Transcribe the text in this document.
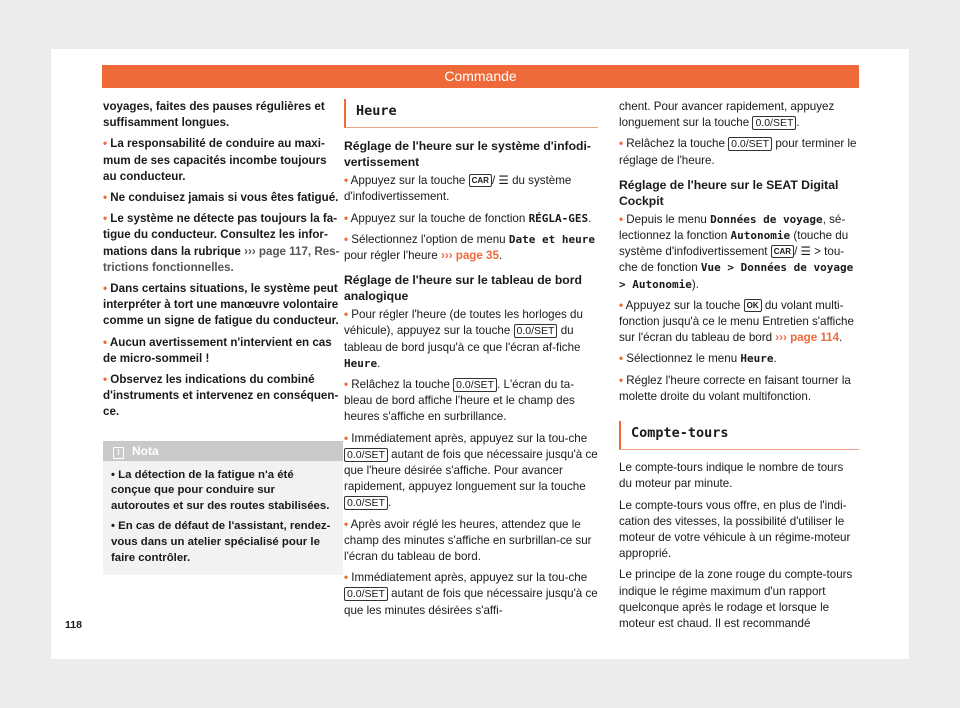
Commande

voyages, faites des pauses régulières et suffisamment longues.

• La responsabilité de conduire au maxi-mum de ses capacités incombe toujours au conducteur.

• Ne conduisez jamais si vous êtes fatigué.

• Le système ne détecte pas toujours la fa-tigue du conducteur. Consultez les infor-mations dans la rubrique ››› page 117, Res-trictions fonctionnelles.

• Dans certains situations, le système peut interpréter à tort une manœuvre volontaire comme un signe de fatigue du conducteur.

• Aucun avertissement n'intervient en cas de micro-sommeil !

• Observez les indications du combiné d'instruments et intervenez en conséquen-ce.

i Nota

• La détection de la fatigue n'a été conçue que pour conduire sur autoroutes et sur des routes stabilisées.

• En cas de défaut de l'assistant, rendez-vous dans un atelier spécialisé pour le faire contrôler.

Heure
Réglage de l'heure sur le système d'infodi-vertissement

• Appuyez sur la touche CAR / ☰ du système d'infodivertissement.

• Appuyez sur la touche de fonction RÉGLA-GES.

• Sélectionnez l'option de menu Date et heure pour régler l'heure ››› page 35.

Réglage de l'heure sur le tableau de bord analogique

• Pour régler l'heure (de toutes les horloges du véhicule), appuyez sur la touche 0.0/SET du tableau de bord jusqu'à ce que l'écran af-fiche Heure.

• Relâchez la touche 0.0/SET . L'écran du ta-bleau de bord affiche l'heure et le champ des heures s'affiche en surbrillance.

• Immédiatement après, appuyez sur la tou-che 0.0/SET autant de fois que nécessaire jusqu'à ce que l'heure désirée s'affiche. Pour avancer rapidement, appuyez longuement sur la touche 0.0/SET .

• Après avoir réglé les heures, attendez que le champ des minutes s'affiche en surbrillan-ce sur l'écran du tableau de bord.

• Immédiatement après, appuyez sur la tou-che 0.0/SET autant de fois que nécessaire jusqu'à ce que les minutes désirées s'affi-

chent. Pour avancer rapidement, appuyez longuement sur la touche 0.0/SET .

• Relâchez la touche 0.0/SET pour terminer le réglage de l'heure.

Réglage de l'heure sur le SEAT Digital Cockpit

• Depuis le menu Données de voyage, sé-lectionnez la fonction Autonomie (touche du système d'infodivertissement CAR / ☰ > tou-che de fonction Vue > Données de voyage > Autonomie).

• Appuyez sur la touche OK du volant multi-fonction jusqu'à ce le menu Entretien s'affiche sur l'écran du tableau de bord ››› page 114.

• Sélectionnez le menu Heure.

• Réglez l'heure correcte en faisant tourner la molette droite du volant multifonction.

Compte-tours

Le compte-tours indique le nombre de tours du moteur par minute.

Le compte-tours vous offre, en plus de l'indi-cation des vitesses, la possibilité d'utiliser le moteur de votre véhicule à un régime-moteur approprié.

Le principe de la zone rouge du compte-tours indique le régime maximum d'un rapport quelconque après le rodage et lorsque le moteur est chaud. Il est recommandé

118
